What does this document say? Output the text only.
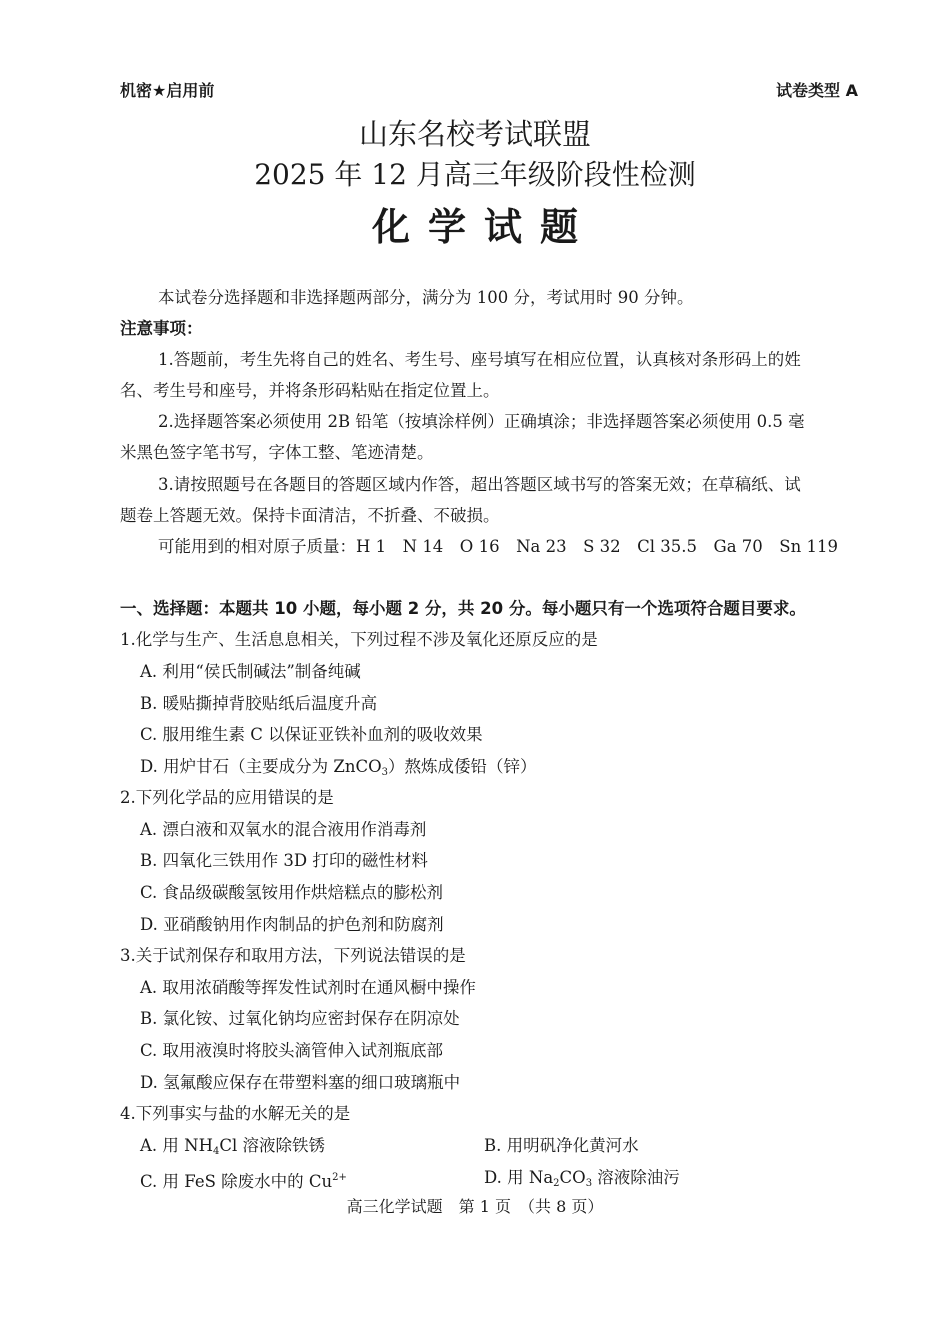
机密★启用前	试卷类型 A
山东名校考试联盟
2025 年 12 月高三年级阶段性检测
化学试题
本试卷分选择题和非选择题两部分，满分为 100 分，考试用时 90 分钟。
注意事项：
1.答题前，考生先将自己的姓名、考生号、座号填写在相应位置，认真核对条形码上的姓
名、考生号和座号，并将条形码粘贴在指定位置上。
2.选择题答案必须使用 2B 铅笔（按填涂样例）正确填涂；非选择题答案必须使用 0.5 毫
米黑色签字笔书写，字体工整、笔迹清楚。
3.请按照题号在各题目的答题区域内作答，超出答题区域书写的答案无效；在草稿纸、试
题卷上答题无效。保持卡面清洁，不折叠、不破损。
可能用到的相对原子质量：H 1　N 14　O 16　Na 23　S 32　Cl 35.5　Ga 70　Sn 119
一、选择题：本题共 10 小题，每小题 2 分，共 20 分。每小题只有一个选项符合题目要求。
1.化学与生产、生活息息相关，下列过程不涉及氧化还原反应的是
A. 利用“侯氏制碱法”制备纯碱
B. 暖贴撕掉背胶贴纸后温度升高
C. 服用维生素 C 以保证亚铁补血剂的吸收效果
D. 用炉甘石（主要成分为 ZnCO$_3$）熬炼成倭铅（锌）
2.下列化学品的应用错误的是
A. 漂白液和双氧水的混合液用作消毒剂
B. 四氧化三铁用作 3D 打印的磁性材料
C. 食品级碳酸氢铵用作烘焙糕点的膨松剂
D. 亚硝酸钠用作肉制品的护色剂和防腐剂
3.关于试剂保存和取用方法，下列说法错误的是
A. 取用浓硝酸等挥发性试剂时在通风橱中操作
B. 氯化铵、过氧化钠均应密封保存在阴凉处
C. 取用液溴时将胶头滴管伸入试剂瓶底部
D. 氢氟酸应保存在带塑料塞的细口玻璃瓶中
4.下列事实与盐的水解无关的是
A. 用 $NH_4Cl$ 溶液除铁锈	B. 用明矾净化黄河水
C. 用 FeS 除废水中的 $Cu^{2+}$	D. 用 $Na_2CO_3$ 溶液除油污
高三化学试题　第 1 页　（共 8 页）
